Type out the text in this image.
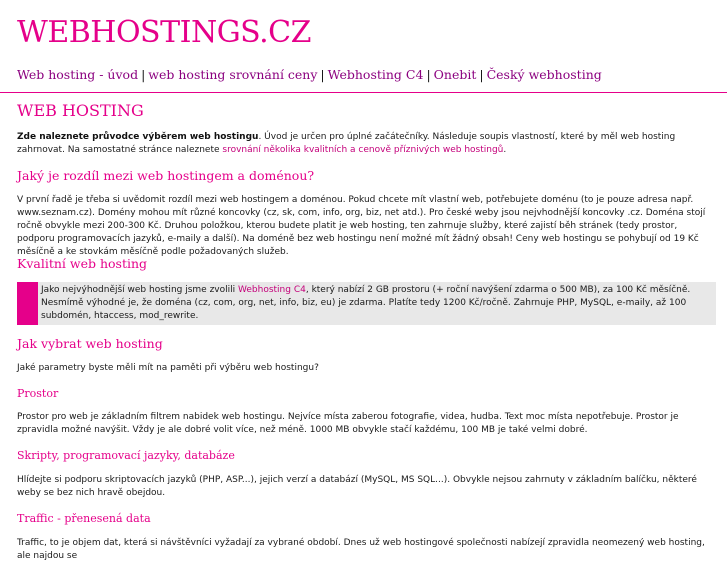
WEBHOSTINGS.CZ
Web hosting - úvod | web hosting srovnání ceny | Webhosting C4 | Onebit | Český webhosting
WEB HOSTING

Zde naleznete průvodce výběrem web hostingu. Úvod je určen pro úplné začátečníky. Následuje soupis vlastností, které by měl web hosting zahrnovat. Na samostatné stránce naleznete srovnání několika kvalitních a cenově příznivých web hostingů.

Jaký je rozdíl mezi web hostingem a doménou?

V první řadě je třeba si uvědomit rozdíl mezi web hostingem a doménou. Pokud chcete mít vlastní web, potřebujete doménu (to je pouze adresa např. www.seznam.cz). Domény mohou mít různé koncovky (cz, sk, com, info, org, biz, net atd.). Pro české weby jsou nejvhodnější koncovky .cz. Doména stojí ročně obvykle mezi 200-300 Kč. Druhou položkou, kterou budete platit je web hosting, ten zahrnuje služby, které zajistí běh stránek (tedy prostor, podporu programovacích jazyků, e-maily a další). Na doméně bez web hostingu není možné mít žádný obsah! Ceny web hostingu se pohybují od 19 Kč měsíčně a ke stovkám měsíčně podle požadovaných služeb.

Kvalitní web hosting

Jako nejvýhodnější web hosting jsme zvolili Webhosting C4, který nabízí 2 GB prostoru (+ roční navýšení zdarma o 500 MB), za 100 Kč měsíčně. Nesmímě výhodné je, že doména (cz, com, org, net, info, biz, eu) je zdarma. Platíte tedy 1200 Kč/ročně. Zahrnuje PHP, MySQL, e-maily, až 100 subdomén, htaccess, mod_rewrite.

Jak vybrat web hosting

Jaké parametry byste měli mít na paměti při výběru web hostingu?

Prostor

Prostor pro web je základním filtrem nabidek web hostingu. Nejvíce místa zaberou fotografie, videa, hudba. Text moc místa nepotřebuje. Prostor je zpravidla možné navýšit. Vždy je ale dobré volit více, než méně. 1000 MB obvykle stačí každému, 100 MB je také velmi dobré.

Skripty, programovací jazyky, databáze

Hlídejte si podporu skriptovacích jazyků (PHP, ASP...), jejich verzí a databází (MySQL, MS SQL...). Obvykle nejsou zahrnuty v základním balíčku, některé weby se bez nich hravě obejdou.

Traffic - přenesená data

Traffic, to je objem dat, která si návštěvníci vyžadají za vybrané období. Dnes už web hostingové společnosti nabízejí zpravidla neomezený web hosting, ale najdou se
